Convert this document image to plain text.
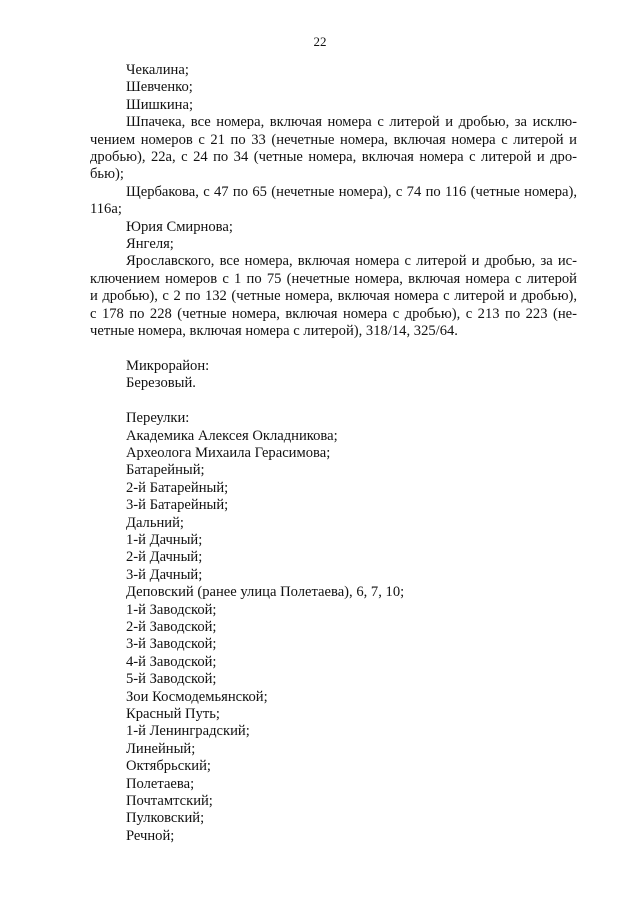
22
Чекалина;
Шевченко;
Шишкина;
Шпачека, все номера, включая номера с литерой и дробью, за исклю-
чением номеров с 21 по 33 (нечетные номера, включая номера с литерой и
дробью), 22а, с 24 по 34 (четные номера, включая номера с литерой и дро-
бью);
Щербакова, с 47 по 65 (нечетные номера), с 74 по 116 (четные номера),
116а;
Юрия Смирнова;
Янгеля;
Ярославского, все номера, включая номера с литерой и дробью, за ис-
ключением номеров с 1 по 75 (нечетные номера, включая номера с литерой
и дробью), с 2 по 132 (четные номера, включая номера с литерой и дробью),
с 178 по 228 (четные номера, включая номера с дробью), с 213 по 223 (не-
четные номера, включая номера с литерой), 318/14, 325/64.
Микрорайон:
Березовый.
Переулки:
Академика Алексея Окладникова;
Археолога Михаила Герасимова;
Батарейный;
2-й Батарейный;
3-й Батарейный;
Дальний;
1-й Дачный;
2-й Дачный;
3-й Дачный;
Деповский (ранее улица Полетаева), 6, 7, 10;
1-й Заводской;
2-й Заводской;
3-й Заводской;
4-й Заводской;
5-й Заводской;
Зои Космодемьянской;
Красный Путь;
1-й Ленинградский;
Линейный;
Октябрьский;
Полетаева;
Почтамтский;
Пулковский;
Речной;
